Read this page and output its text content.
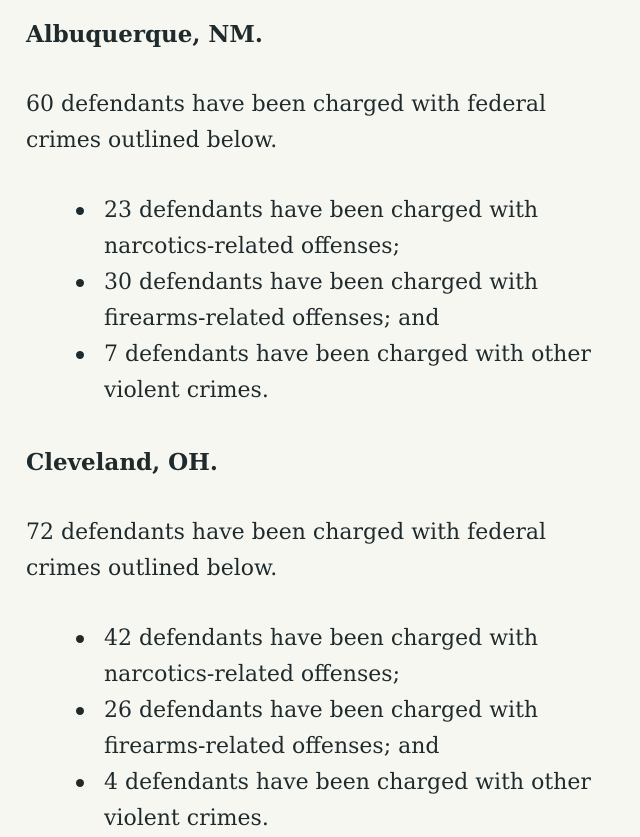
Albuquerque, NM.

60 defendants have been charged with federal crimes outlined below.

23 defendants have been charged with narcotics-related offenses;
30 defendants have been charged with firearms-related offenses; and
7 defendants have been charged with other violent crimes.
Cleveland, OH.

72 defendants have been charged with federal crimes outlined below.

42 defendants have been charged with narcotics-related offenses;
26 defendants have been charged with firearms-related offenses; and
4 defendants have been charged with other violent crimes.
